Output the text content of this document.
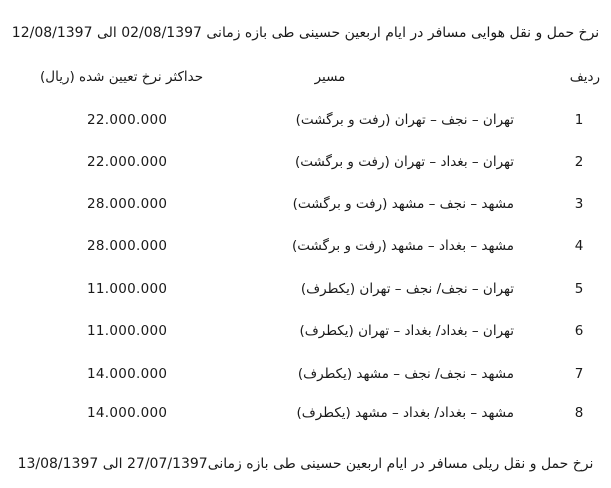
نرخ حمل و نقل هوایی مسافر در ایام اربعین حسینی طی بازه زمانی 02/08/1397 الی 12/08/1397
ردیف
مسیر
حداکثر نرخ تعیین شده (ریال)
1
تهران – نجف – تهران (رفت و برگشت)
22.000.000
2
تهران – بغداد – تهران (رفت و برگشت)
22.000.000
3
مشهد – نجف – مشهد (رفت و برگشت)
28.000.000
4
مشهد – بغداد – مشهد (رفت و برگشت)
28.000.000
5
تهران – نجف/ نجف – تهران (یکطرف)
11.000.000
6
تهران – بغداد/ بغداد – تهران (یکطرف)
11.000.000
7
مشهد – نجف/ نجف – مشهد (یکطرف)
14.000.000
8
مشهد – بغداد/ بغداد – مشهد (یکطرف)
14.000.000
نرخ حمل و نقل ریلی مسافر در ایام اربعین حسینی طی بازه زمانی27/07/1397 الی 13/08/1397
